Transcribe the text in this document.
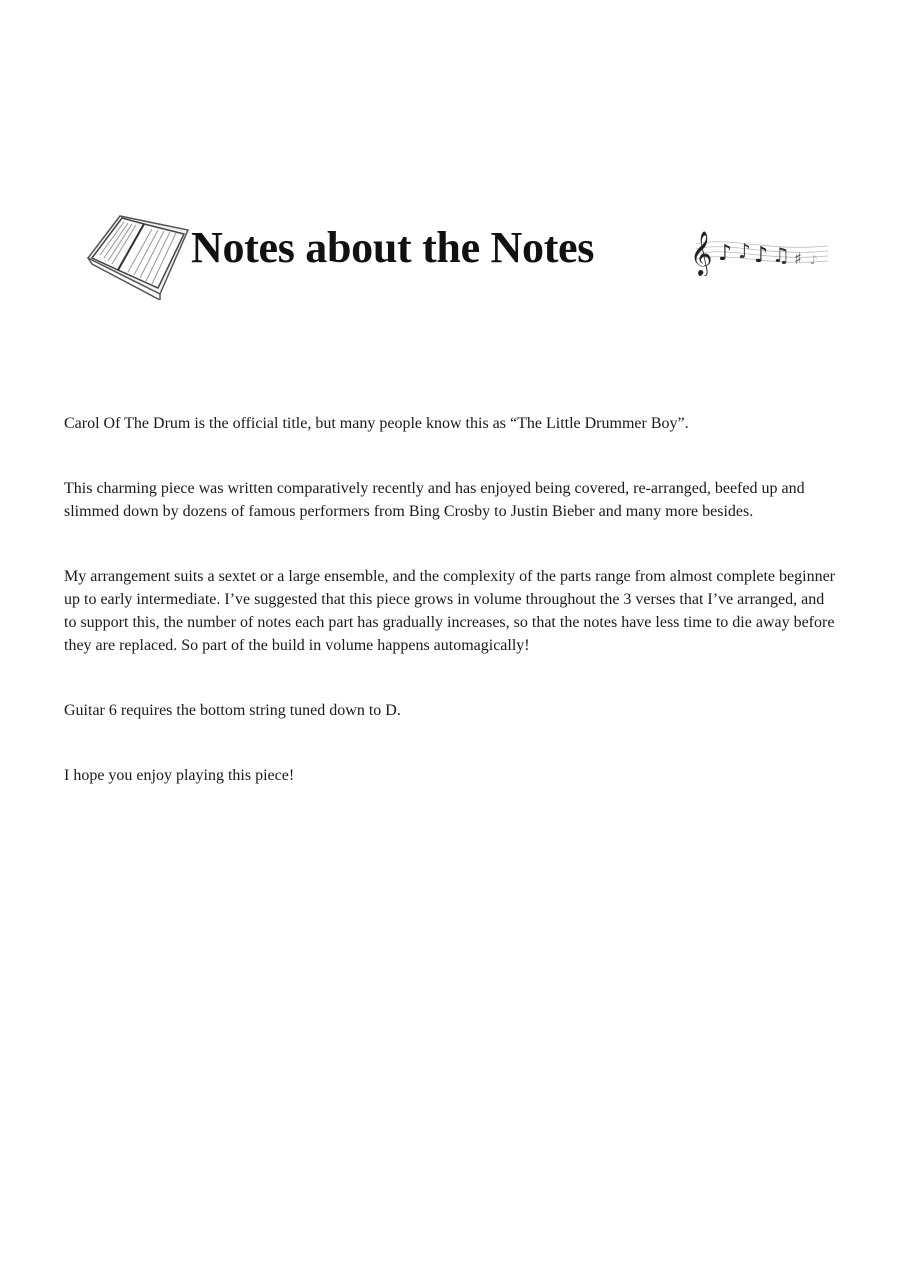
Notes about the Notes	𝄞 ♪ ♪ ♪ ♫ ♯ ♪

Carol Of The Drum is the official title, but many people know this as “The Little Drummer Boy”.

This charming piece was written comparatively recently and has enjoyed being covered, re-arranged, beefed up and slimmed down by dozens of famous performers from Bing Crosby to Justin Bieber and many more besides.

My arrangement suits a sextet or a large ensemble, and the complexity of the parts range from almost complete beginner up to early intermediate. I’ve suggested that this piece grows in volume throughout the 3 verses that I’ve arranged, and to support this, the number of notes each part has gradually increases, so that the notes have less time to die away before they are replaced. So part of the build in volume happens automagically!

Guitar 6 requires the bottom string tuned down to D.

I hope you enjoy playing this piece!
